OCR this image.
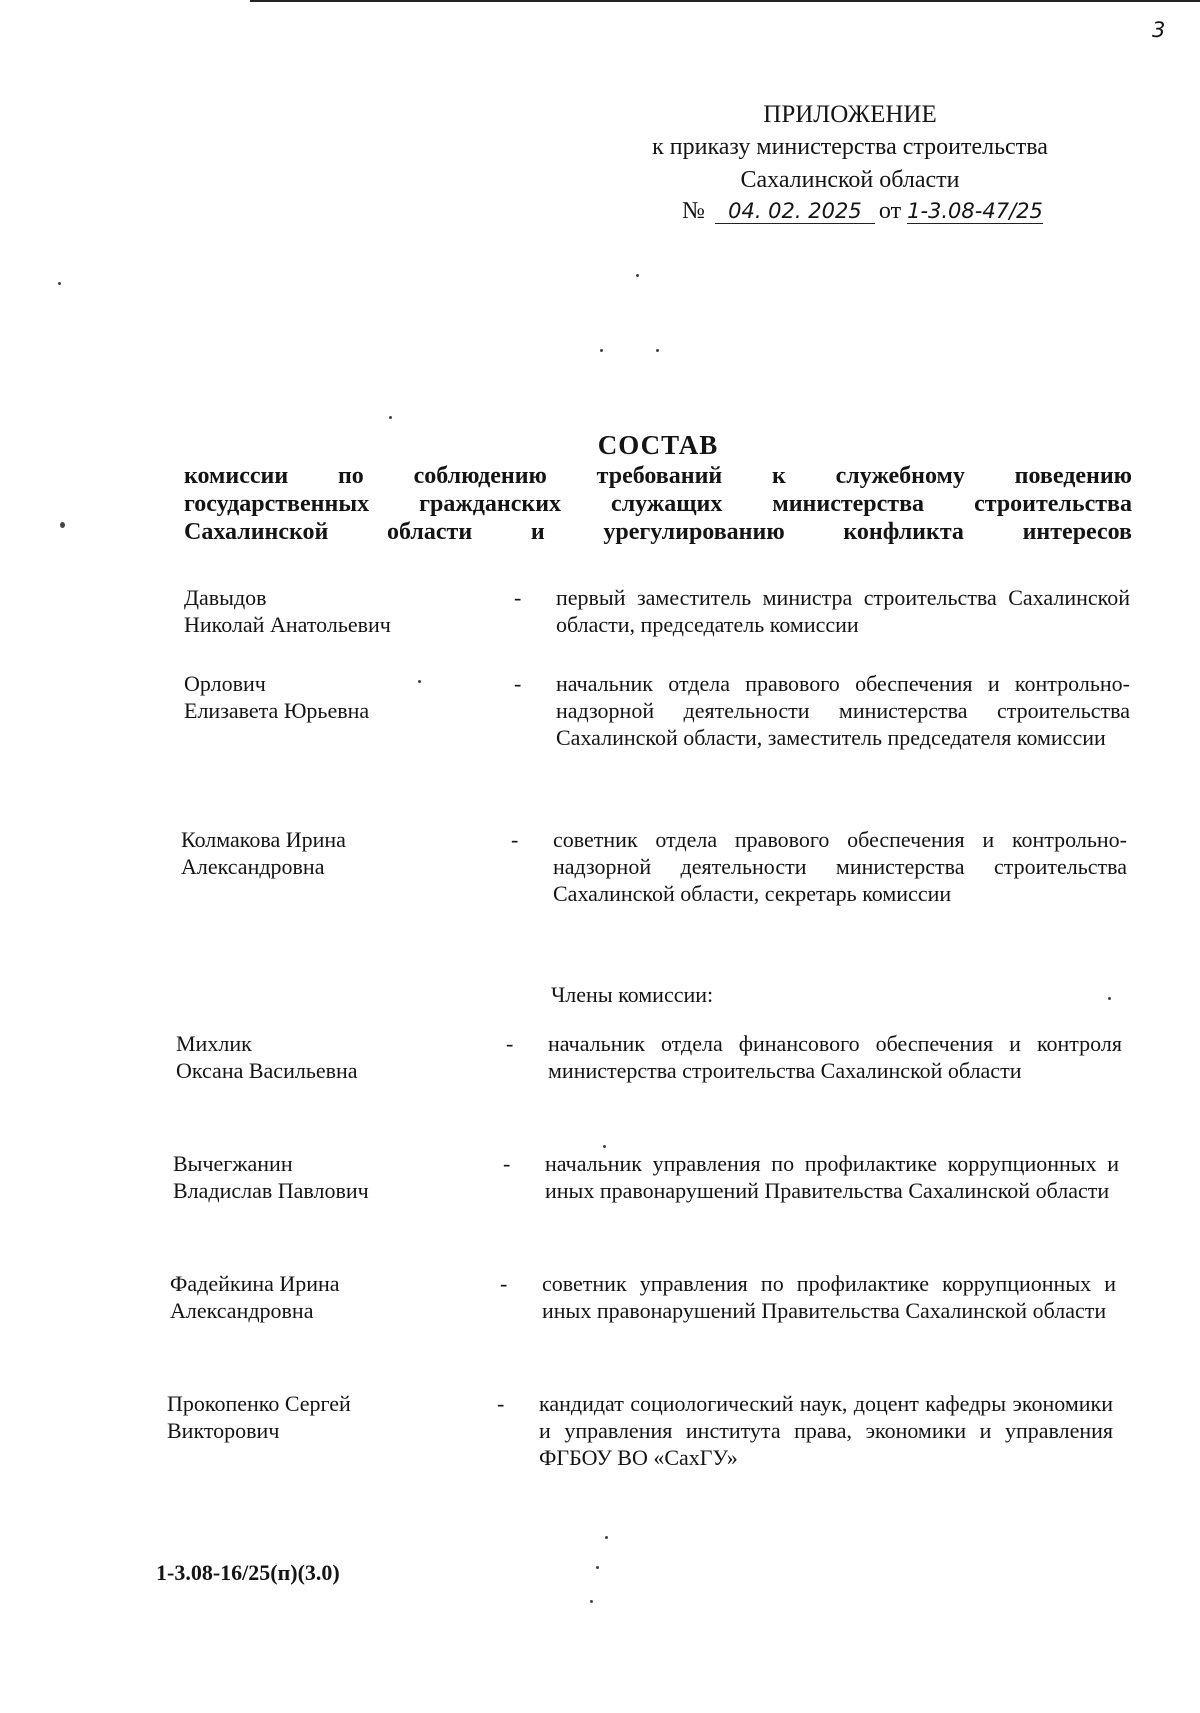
3
ПРИЛОЖЕНИЕ
к приказу министерства строительства
Сахалинской области
№ 04. 02. 2025 от 1-3.08-47/25
СОСТАВ
комиссии по соблюдению требований к служебному поведению
государственных гражданских служащих министерства строительства
Сахалинской области и урегулированию конфликта интересов
Давыдов
Николай Анатольевич
- первый заместитель министра строительства Сахалинской области, председатель комиссии
Орлович
Елизавета Юрьевна
- начальник отдела правового обеспечения и контрольно-надзорной деятельности министерства строительства Сахалинской области, заместитель председателя комиссии
Колмакова Ирина
Александровна
- советник отдела правового обеспечения и контрольно-надзорной деятельности министерства строительства Сахалинской области, секретарь комиссии
Члены комиссии:
Михлик
Оксана Васильевна
- начальник отдела финансового обеспечения и контроля министерства строительства Сахалинской области
Вычегжанин
Владислав Павлович
- начальник управления по профилактике коррупционных и иных правонарушений Правительства Сахалинской области
Фадейкина Ирина
Александровна
- советник управления по профилактике коррупционных и иных правонарушений Правительства Сахалинской области
Прокопенко Сергей
Викторович
- кандидат социологический наук, доцент кафедры экономики и управления института права, экономики и управления ФГБОУ ВО «СахГУ»
1-3.08-16/25(п)(3.0)
